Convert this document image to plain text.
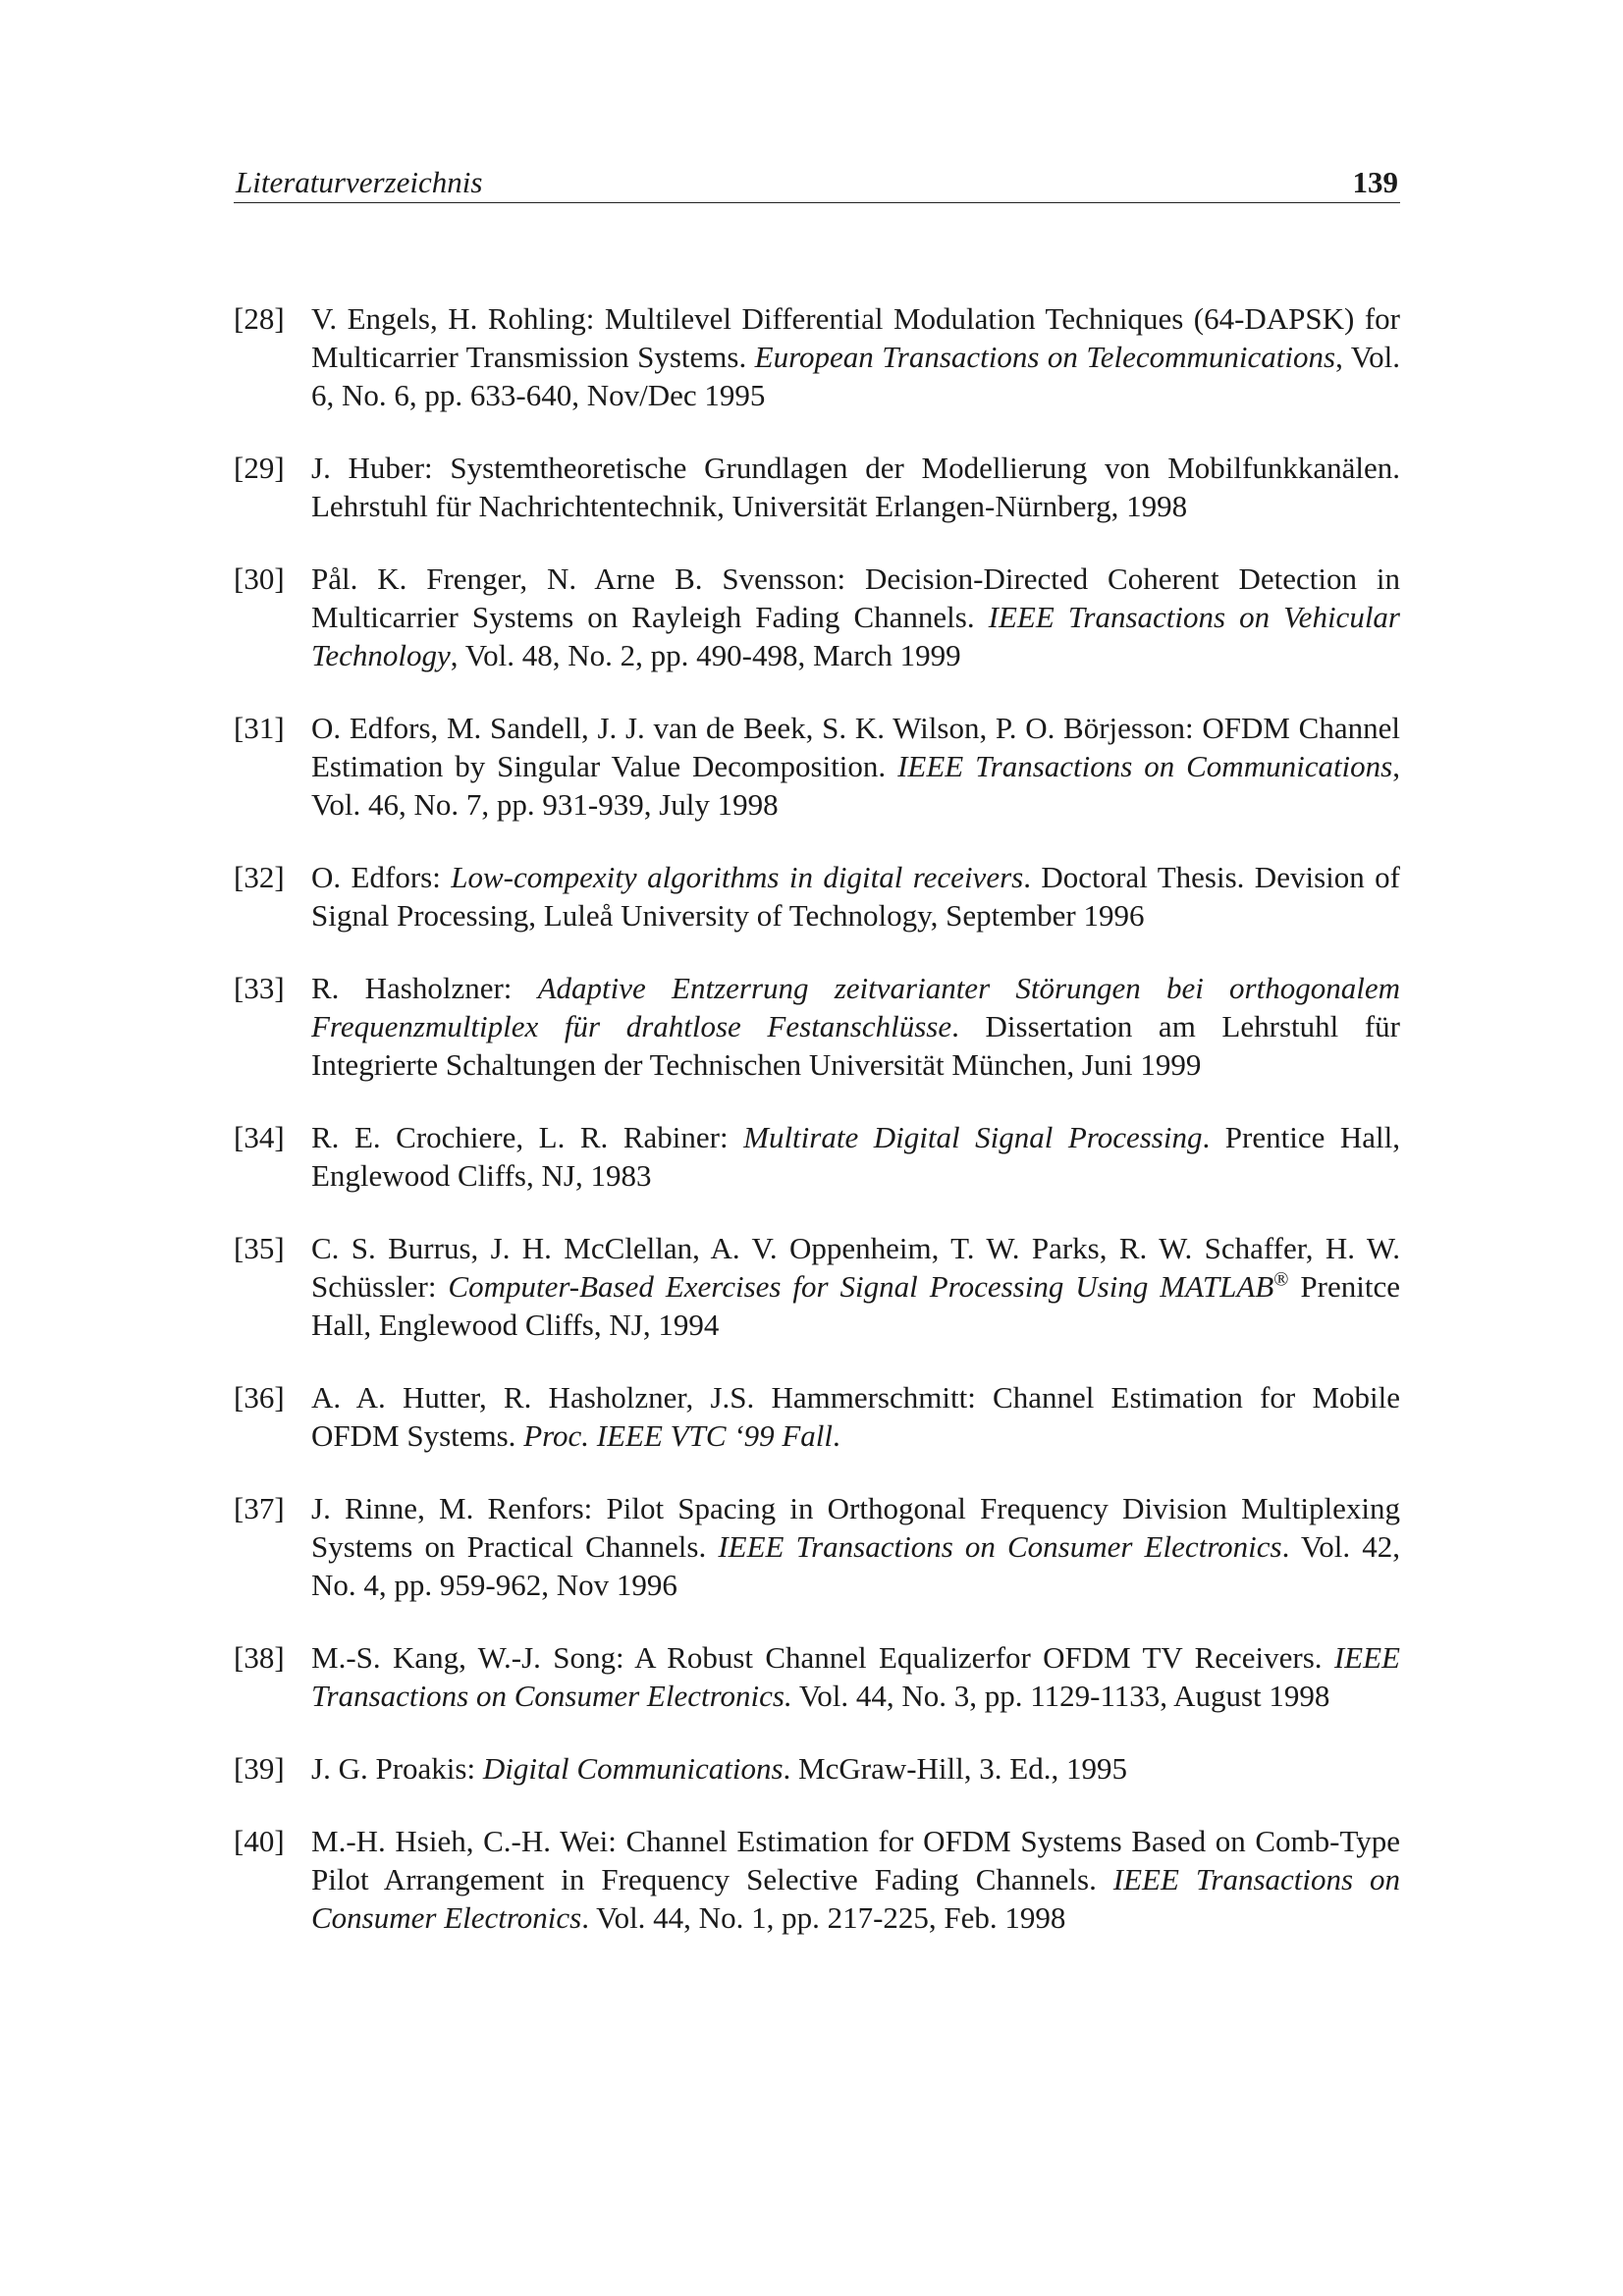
Literaturverzeichnis	139
[28] V. Engels, H. Rohling: Multilevel Differential Modulation Techniques (64-DAPSK) for Multicarrier Transmission Systems. European Transactions on Telecommunications, Vol. 6, No. 6, pp. 633-640, Nov/Dec 1995
[29] J. Huber: Systemtheoretische Grundlagen der Modellierung von Mobilfunkkanälen. Lehrstuhl für Nachrichtentechnik, Universität Erlangen-Nürnberg, 1998
[30] Pål. K. Frenger, N. Arne B. Svensson: Decision-Directed Coherent Detection in Multicarrier Systems on Rayleigh Fading Channels. IEEE Transactions on Vehicular Technology, Vol. 48, No. 2, pp. 490-498, March 1999
[31] O. Edfors, M. Sandell, J. J. van de Beek, S. K. Wilson, P. O. Börjesson: OFDM Channel Estimation by Singular Value Decomposition. IEEE Transactions on Communications, Vol. 46, No. 7, pp. 931-939, July 1998
[32] O. Edfors: Low-compexity algorithms in digital receivers. Doctoral Thesis. Devision of Signal Processing, Luleå University of Technology, September 1996
[33] R. Hasholzner: Adaptive Entzerrung zeitvarianter Störungen bei orthogonalem Frequenzmultiplex für drahtlose Festanschlüsse. Dissertation am Lehrstuhl für Integrierte Schaltungen der Technischen Universität München, Juni 1999
[34] R. E. Crochiere, L. R. Rabiner: Multirate Digital Signal Processing. Prentice Hall, Englewood Cliffs, NJ, 1983
[35] C. S. Burrus, J. H. McClellan, A. V. Oppenheim, T. W. Parks, R. W. Schaffer, H. W. Schüssler: Computer-Based Exercises for Signal Processing Using MATLAB® Prenitce Hall, Englewood Cliffs, NJ, 1994
[36] A. A. Hutter, R. Hasholzner, J.S. Hammerschmitt: Channel Estimation for Mobile OFDM Systems. Proc. IEEE VTC ‘99 Fall.
[37] J. Rinne, M. Renfors: Pilot Spacing in Orthogonal Frequency Division Multiplexing Systems on Practical Channels. IEEE Transactions on Consumer Electronics. Vol. 42, No. 4, pp. 959-962, Nov 1996
[38] M.-S. Kang, W.-J. Song: A Robust Channel Equalizerfor OFDM TV Receivers. IEEE Transactions on Consumer Electronics. Vol. 44, No. 3, pp. 1129-1133, August 1998
[39] J. G. Proakis: Digital Communications. McGraw-Hill, 3. Ed., 1995
[40] M.-H. Hsieh, C.-H. Wei: Channel Estimation for OFDM Systems Based on Comb-Type Pilot Arrangement in Frequency Selective Fading Channels. IEEE Transactions on Consumer Electronics. Vol. 44, No. 1, pp. 217-225, Feb. 1998
